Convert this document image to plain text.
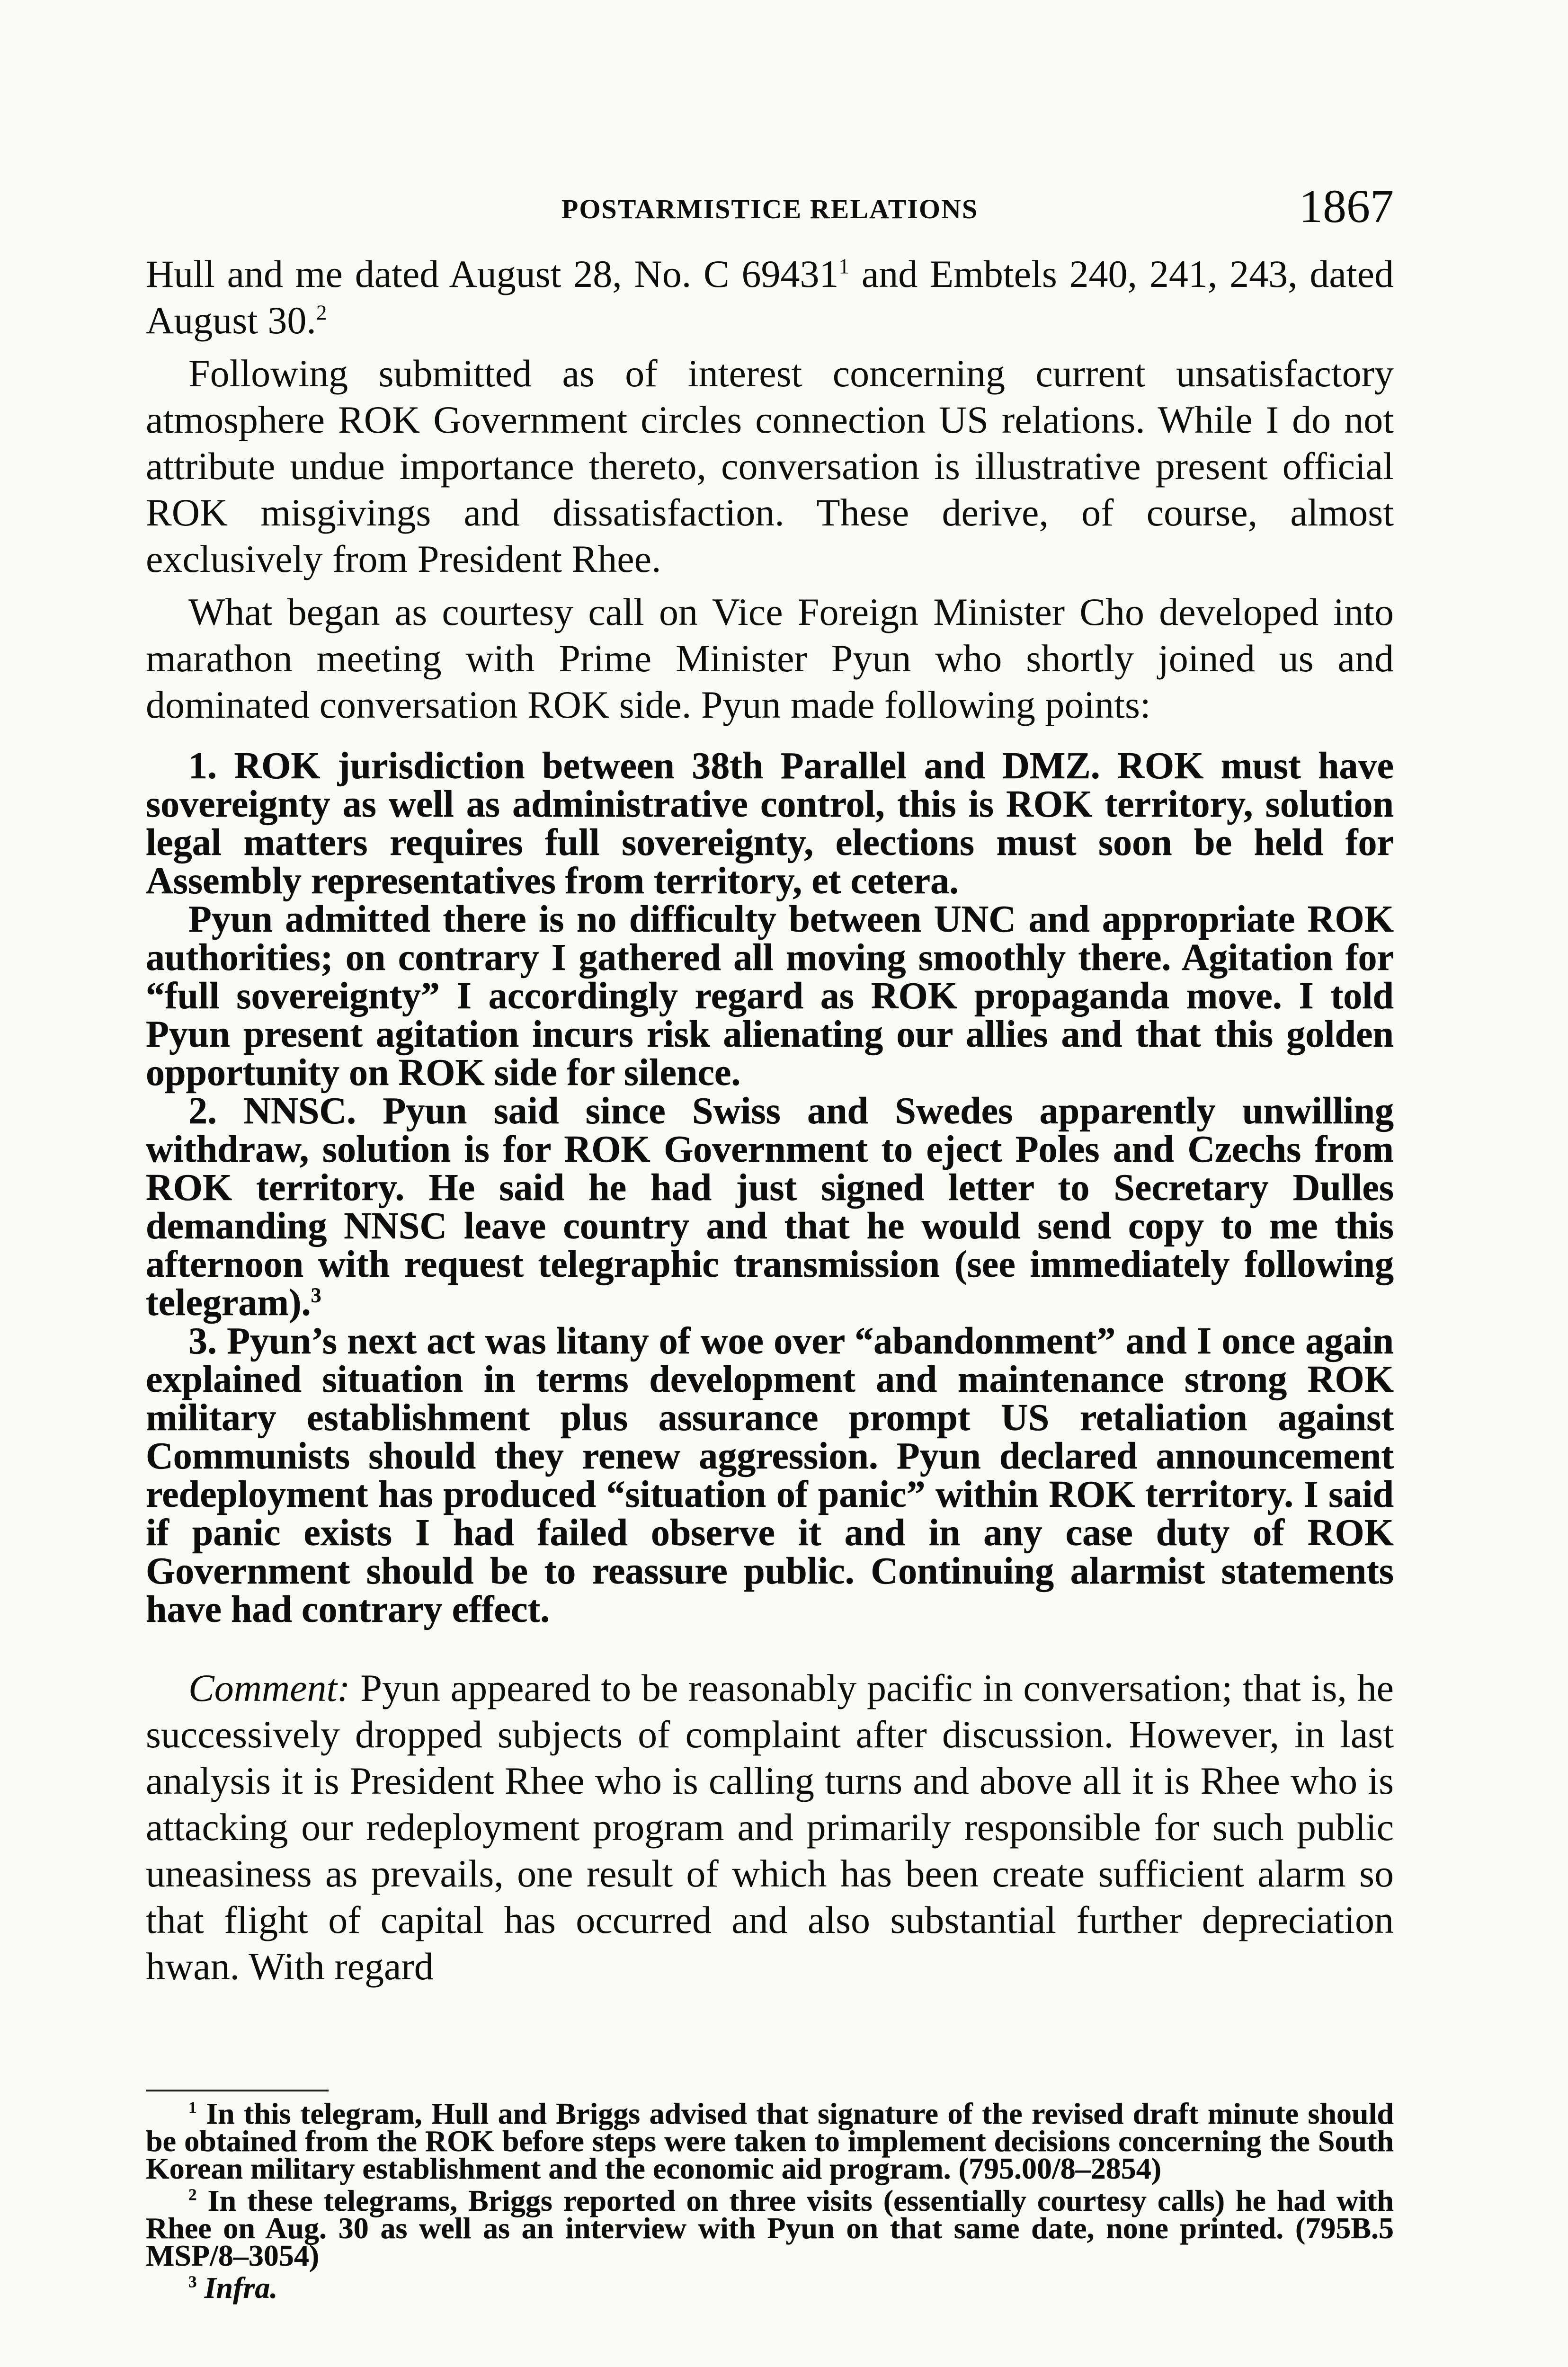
POSTARMISTICE RELATIONS	1867

Hull and me dated August 28, No. C 69431$^1$ and Embtels 240, 241, 243, dated August 30.$^2$

Following submitted as of interest concerning current unsatisfactory atmosphere ROK Government circles connection US relations. While I do not attribute undue importance thereto, conversation is illustrative present official ROK misgivings and dissatisfaction. These derive, of course, almost exclusively from President Rhee.

What began as courtesy call on Vice Foreign Minister Cho developed into marathon meeting with Prime Minister Pyun who shortly joined us and dominated conversation ROK side. Pyun made following points:

1. ROK jurisdiction between 38th Parallel and DMZ. ROK must have sovereignty as well as administrative control, this is ROK territory, solution legal matters requires full sovereignty, elections must soon be held for Assembly representatives from territory, et cetera.

Pyun admitted there is no difficulty between UNC and appropriate ROK authorities; on contrary I gathered all moving smoothly there. Agitation for “full sovereignty” I accordingly regard as ROK propaganda move. I told Pyun present agitation incurs risk alienating our allies and that this golden opportunity on ROK side for silence.

2. NNSC. Pyun said since Swiss and Swedes apparently unwilling withdraw, solution is for ROK Government to eject Poles and Czechs from ROK territory. He said he had just signed letter to Secretary Dulles demanding NNSC leave country and that he would send copy to me this afternoon with request telegraphic transmission (see immediately following telegram).$^3$

3. Pyun’s next act was litany of woe over “abandonment” and I once again explained situation in terms development and maintenance strong ROK military establishment plus assurance prompt US retaliation against Communists should they renew aggression. Pyun declared announcement redeployment has produced “situation of panic” within ROK territory. I said if panic exists I had failed observe it and in any case duty of ROK Government should be to reassure public. Continuing alarmist statements have had contrary effect.

Comment: Pyun appeared to be reasonably pacific in conversation; that is, he successively dropped subjects of complaint after discussion. However, in last analysis it is President Rhee who is calling turns and above all it is Rhee who is attacking our redeployment program and primarily responsible for such public uneasiness as prevails, one result of which has been create sufficient alarm so that flight of capital has occurred and also substantial further depreciation hwan. With regard

$^1$ In this telegram, Hull and Briggs advised that signature of the revised draft minute should be obtained from the ROK before steps were taken to implement decisions concerning the South Korean military establishment and the economic aid program. (795.00/8–2854)

$^2$ In these telegrams, Briggs reported on three visits (essentially courtesy calls) he had with Rhee on Aug. 30 as well as an interview with Pyun on that same date, none printed. (795B.5 MSP/8–3054)

$^3$ Infra.
